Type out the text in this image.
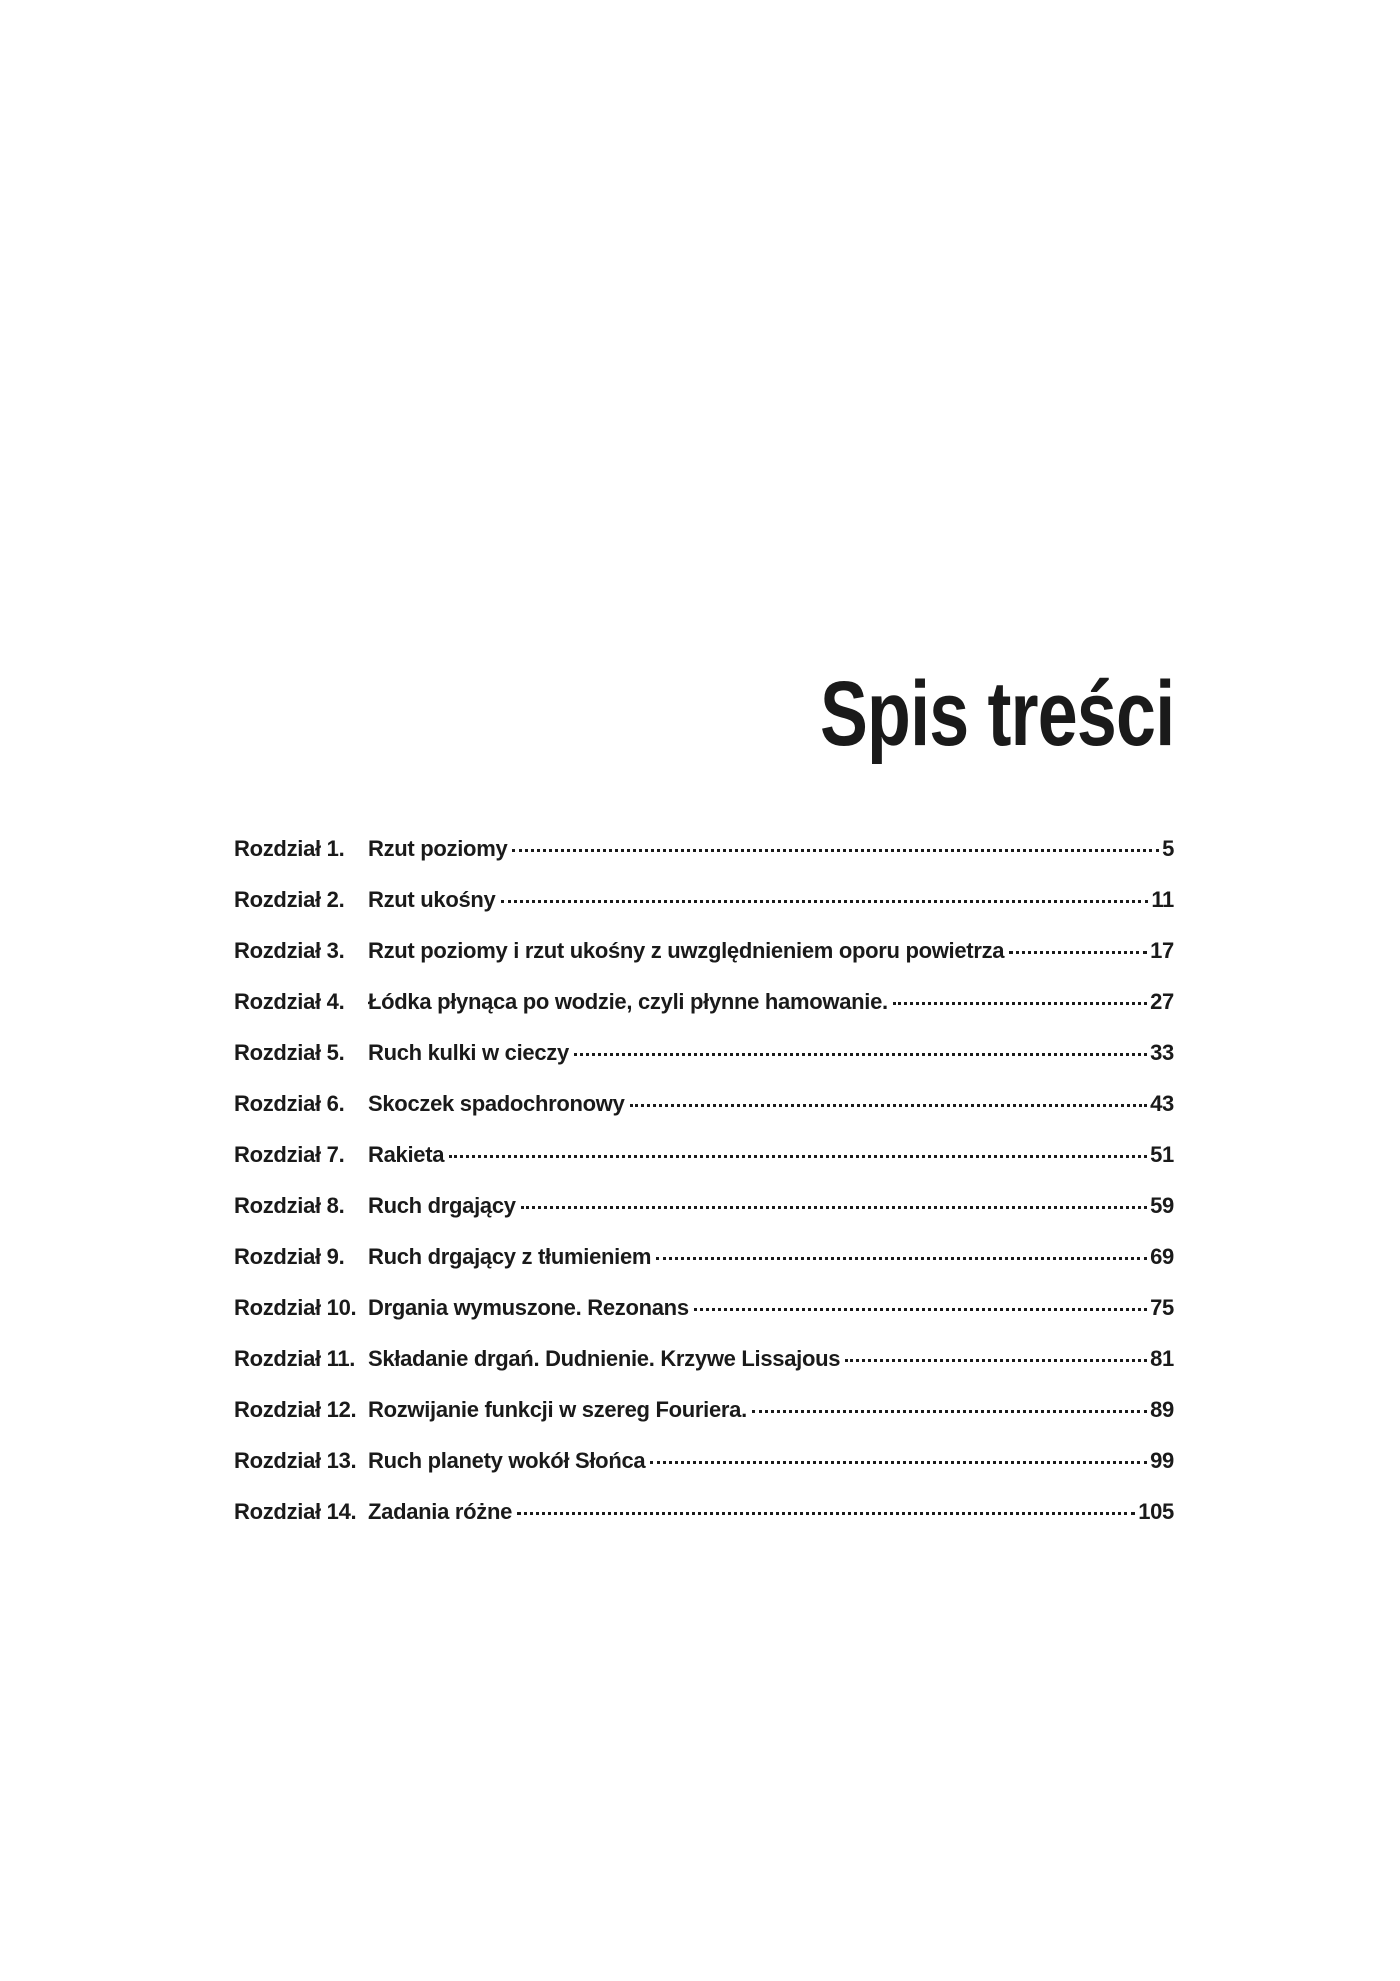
Spis treści
Rozdział 1.	Rzut poziomy	5
Rozdział 2.	Rzut ukośny	11
Rozdział 3.	Rzut poziomy i rzut ukośny z uwzględnieniem oporu powietrza	17
Rozdział 4.	Łódka płynąca po wodzie, czyli płynne hamowanie.	27
Rozdział 5.	Ruch kulki w cieczy	33
Rozdział 6.	Skoczek spadochronowy	43
Rozdział 7.	Rakieta	51
Rozdział 8.	Ruch drgający	59
Rozdział 9.	Ruch drgający z tłumieniem	69
Rozdział 10. Drgania wymuszone. Rezonans	75
Rozdział 11. Składanie drgań. Dudnienie. Krzywe Lissajous	81
Rozdział 12. Rozwijanie funkcji w szereg Fouriera.	89
Rozdział 13. Ruch planety wokół Słońca	99
Rozdział 14. Zadania różne	105
